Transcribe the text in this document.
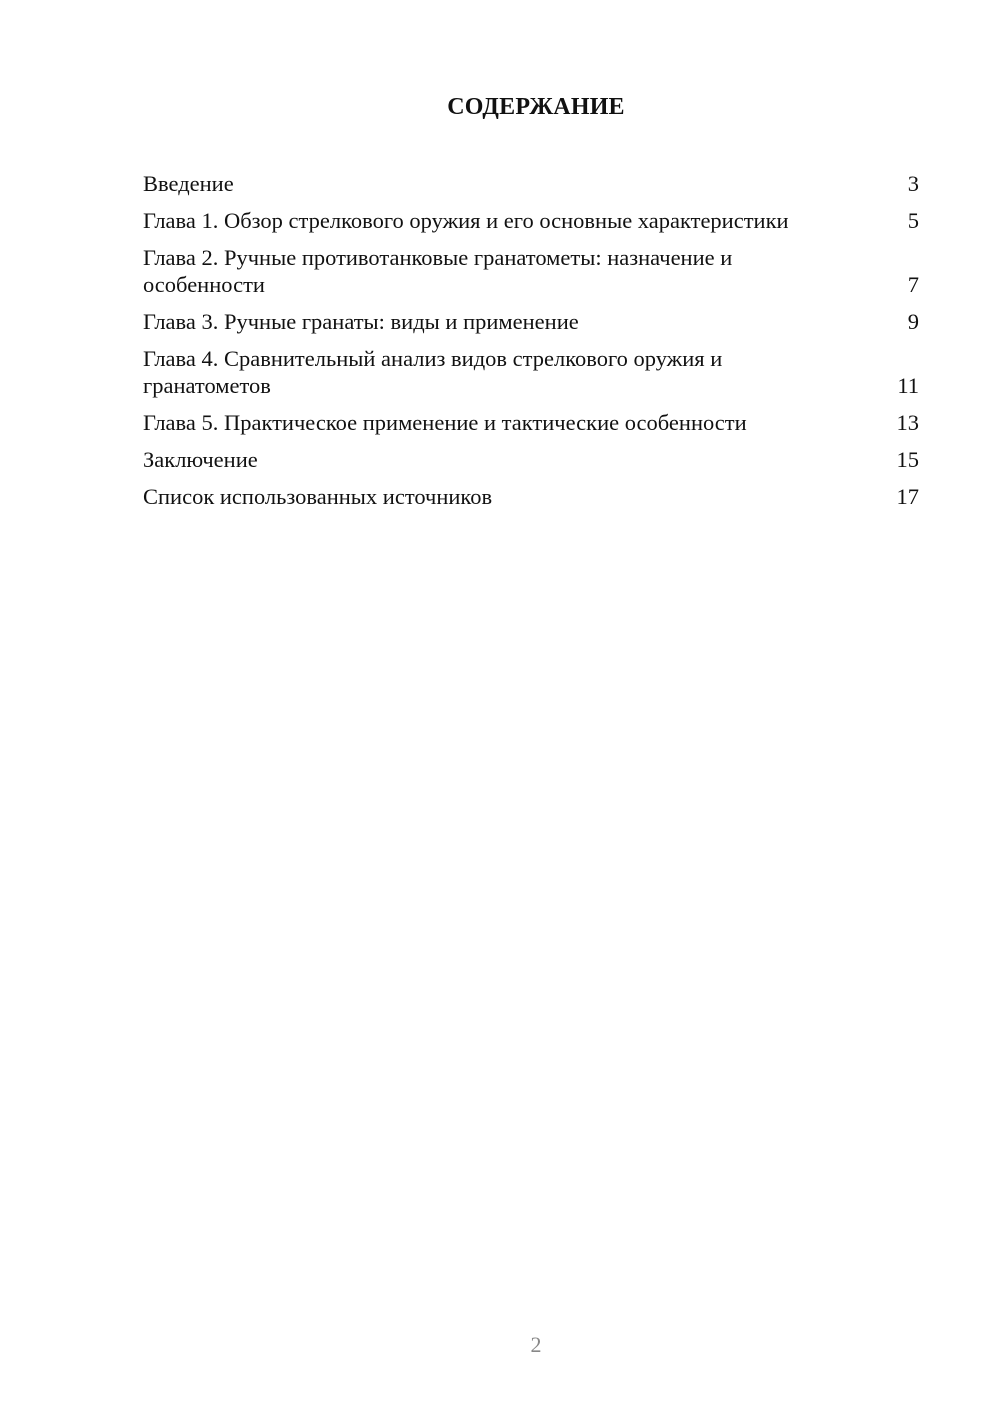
СОДЕРЖАНИЕ
Введение	3
Глава 1. Обзор стрелкового оружия и его основные характеристики	5
Глава 2. Ручные противотанковые гранатометы: назначение и особенности	7
Глава 3. Ручные гранаты: виды и применение	9
Глава 4. Сравнительный анализ видов стрелкового оружия и гранатометов	11
Глава 5. Практическое применение и тактические особенности	13
Заключение	15
Список использованных источников	17
2
